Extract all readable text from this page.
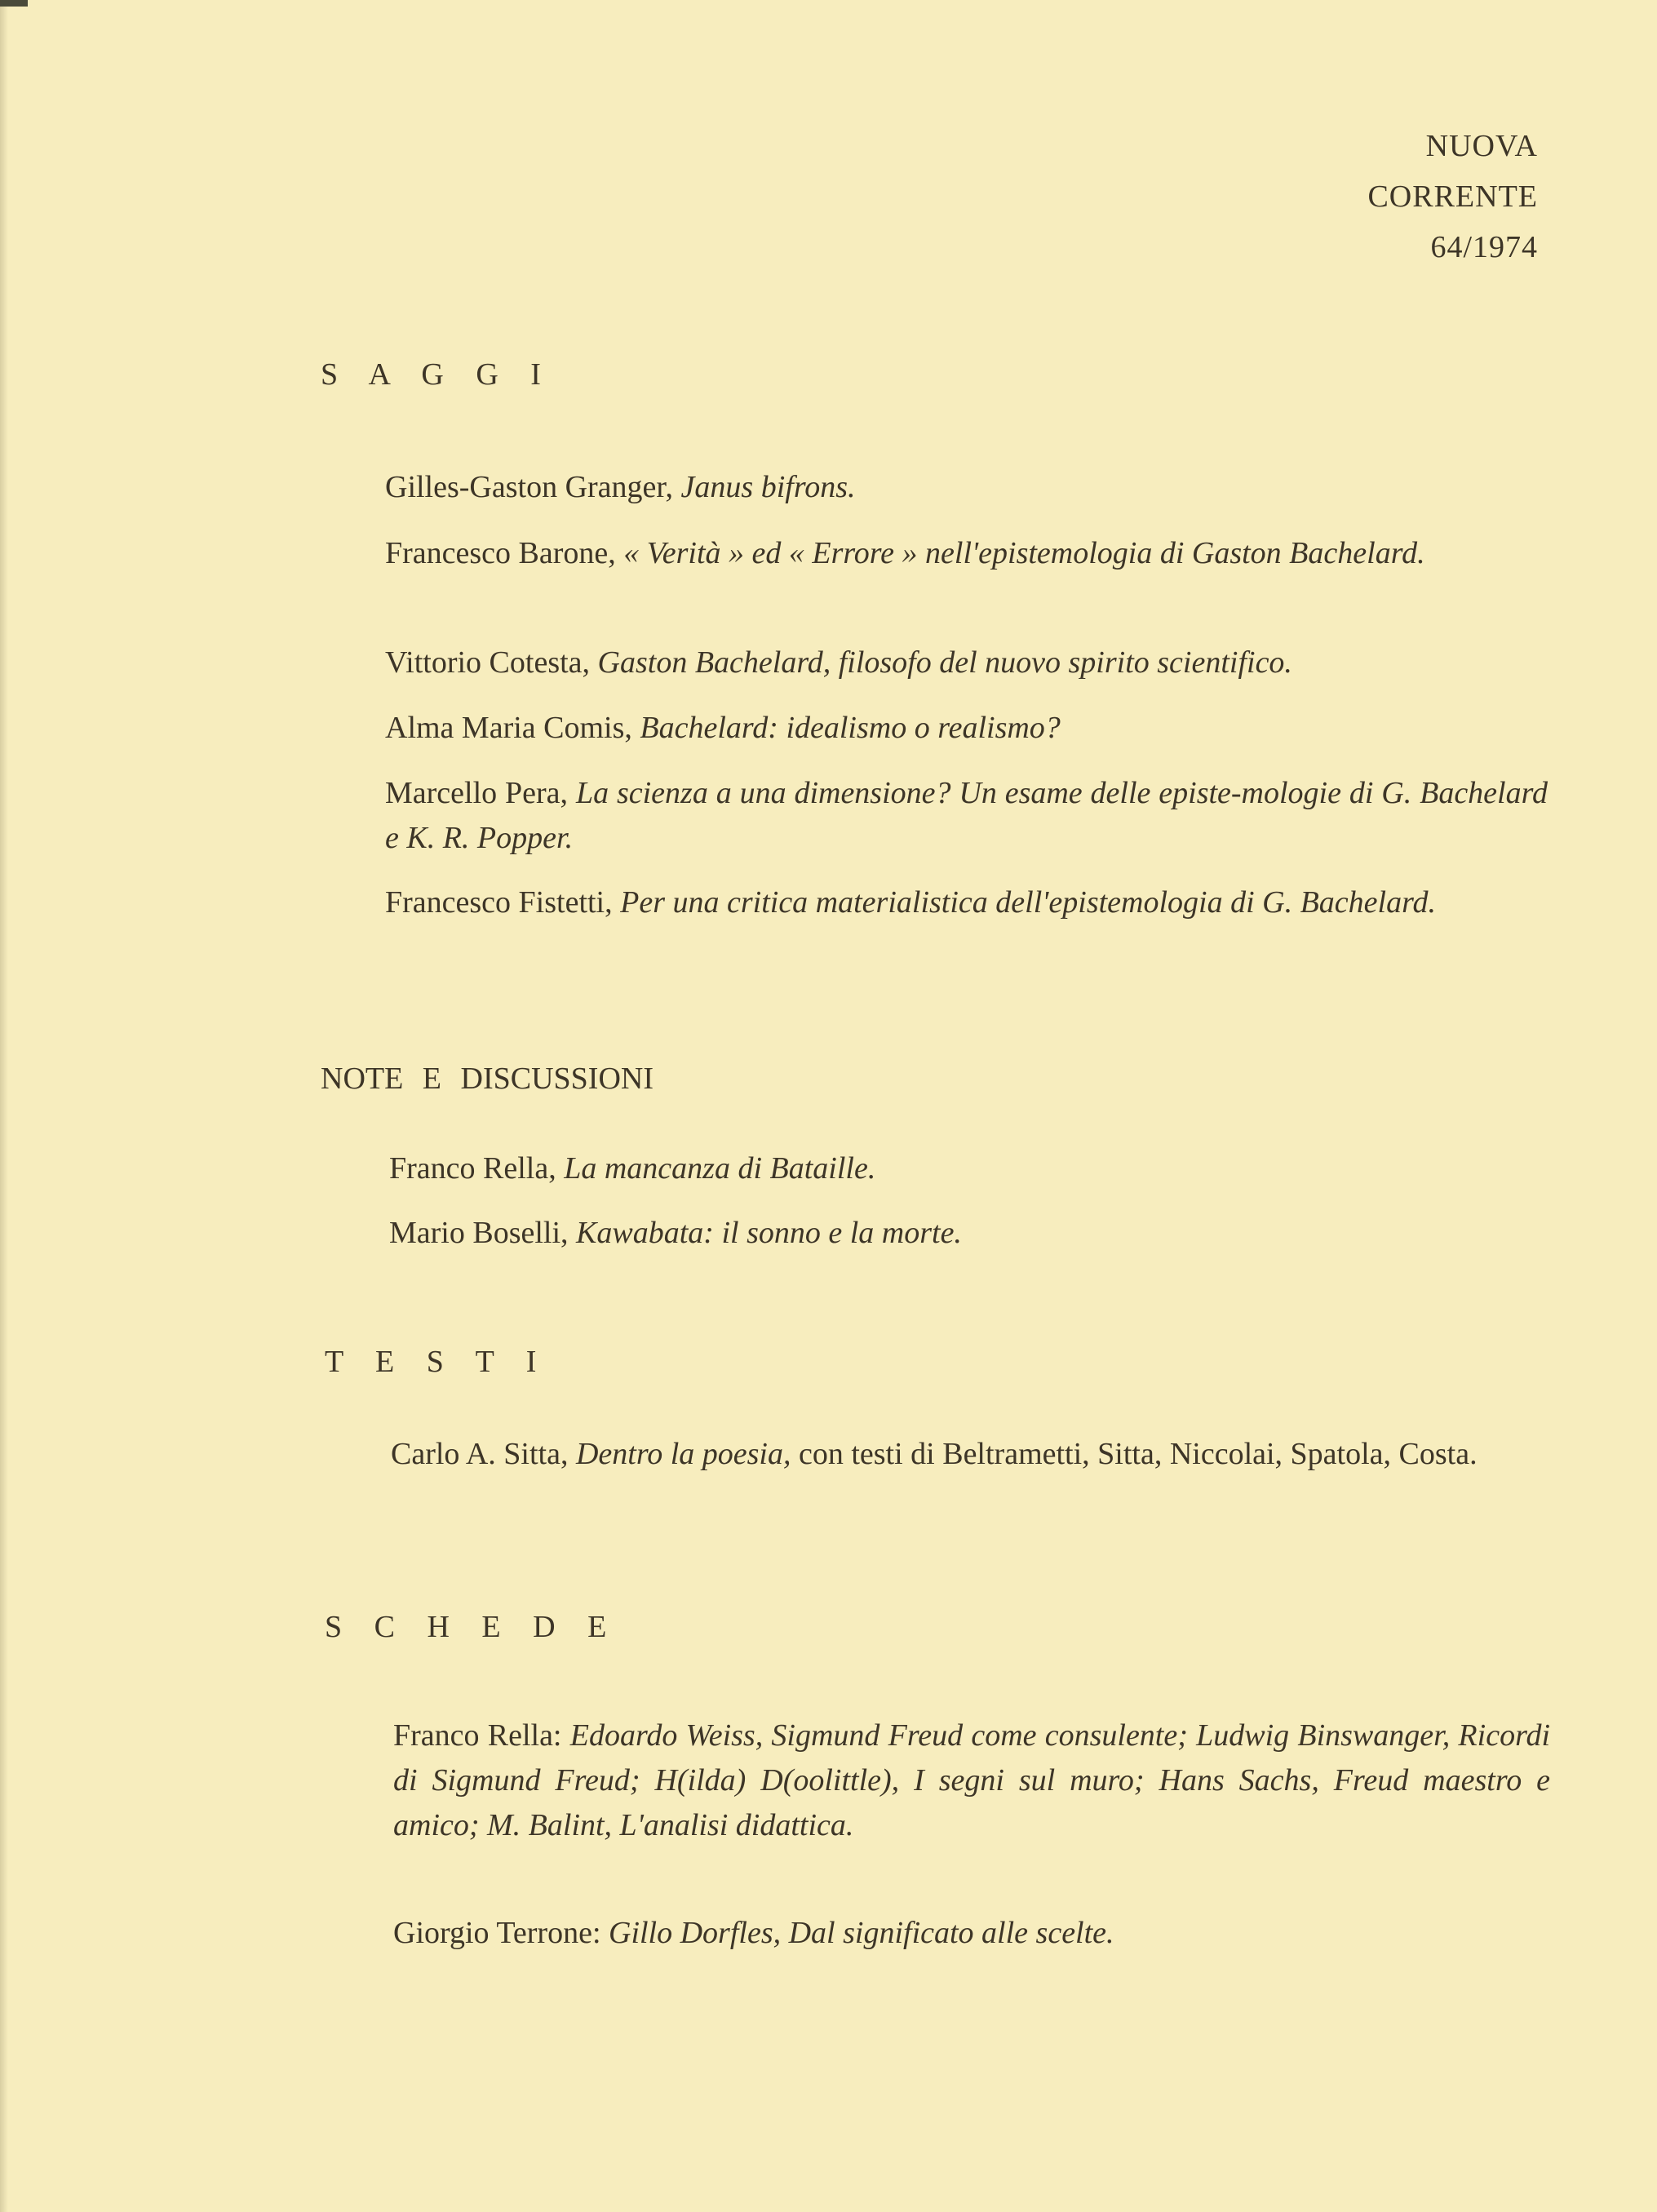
NUOVA
CORRENTE
64/1974
S A G G I

Gilles-Gaston Granger, Janus bifrons.

Francesco Barone, « Verità » ed « Errore » nell'epistemologia di Gaston Bachelard.

Vittorio Cotesta, Gaston Bachelard, filosofo del nuovo spirito scientifico.

Alma Maria Comis, Bachelard: idealismo o realismo?

Marcello Pera, La scienza a una dimensione? Un esame delle episte-mologie di G. Bachelard e K. R. Popper.

Francesco Fistetti, Per una critica materialistica dell'epistemologia di G. Bachelard.

NOTE E DISCUSSIONI

Franco Rella, La mancanza di Bataille.

Mario Boselli, Kawabata: il sonno e la morte.

T E S T I

Carlo A. Sitta, Dentro la poesia, con testi di Beltrametti, Sitta, Niccolai, Spatola, Costa.

S C H E D E

Franco Rella: Edoardo Weiss, Sigmund Freud come consulente; Ludwig Binswanger, Ricordi di Sigmund Freud; H(ilda) D(oolittle), I segni sul muro; Hans Sachs, Freud maestro e amico; M. Balint, L'analisi didattica.

Giorgio Terrone: Gillo Dorfles, Dal significato alle scelte.
